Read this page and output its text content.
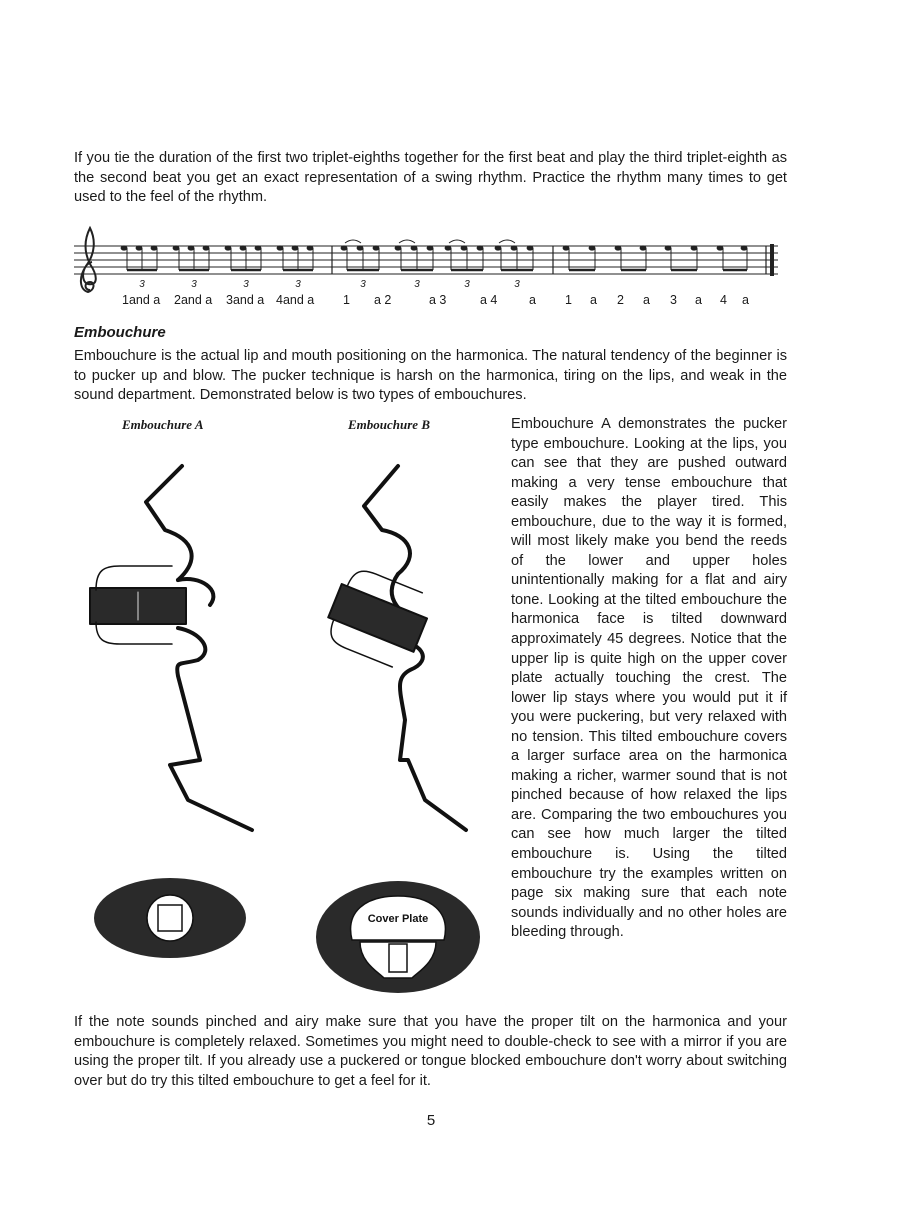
If you tie the duration of the first two triplet-eighths together for the first beat and play the third triplet-eighth as the second beat you get an exact representation of a swing rhythm. Practice the rhythm many times to get used to the feel of the rhythm.

3	3	3	3	3	3	3	3
Cover Plate
1and a 2and a 3and a 4and a 1 a 2	a 3	a 4	a 1 a 2 a 3 a 4 a
Embouchure

Embouchure is the actual lip and mouth positioning on the harmonica. The natural tendency of the beginner is to pucker up and blow. The pucker technique is harsh on the harmonica, tiring on the lips, and weak in the sound department. Demonstrated below is two types of embouchures.

Embouchure A	Embouchure B	Embouchure A demonstrates the pucker type embouchure. Looking at the lips, you can see that they are pushed outward making a very tense embouchure that easily makes the player tired. This embouchure, due to the way it is formed, will most likely make you bend the reeds of the lower and upper holes unintentionally making for a flat and airy tone. Looking at the tilted embouchure the harmonica face is tilted downward approximately 45 degrees. Notice that the upper lip is quite high on the upper cover plate actually touching the crest. The lower lip stays where you would put it if you were puckering, but very relaxed with no tension. This tilted embouchure covers a larger surface area on the harmonica making a richer, warmer sound that is not pinched because of how relaxed the lips are. Comparing the two embouchures you can see how much larger the tilted embouchure is. Using the tilted embouchure try the examples written on page six making sure that each note sounds individually and no other holes are bleeding through.

If the note sounds pinched and airy make sure that you have the proper tilt on the harmonica and your embouchure is completely relaxed. Sometimes you might need to double-check to see with a mirror if you are using the proper tilt. If you already use a puckered or tongue blocked embouchure don't worry about switching over but do try this tilted embouchure to get a feel for it.

5
